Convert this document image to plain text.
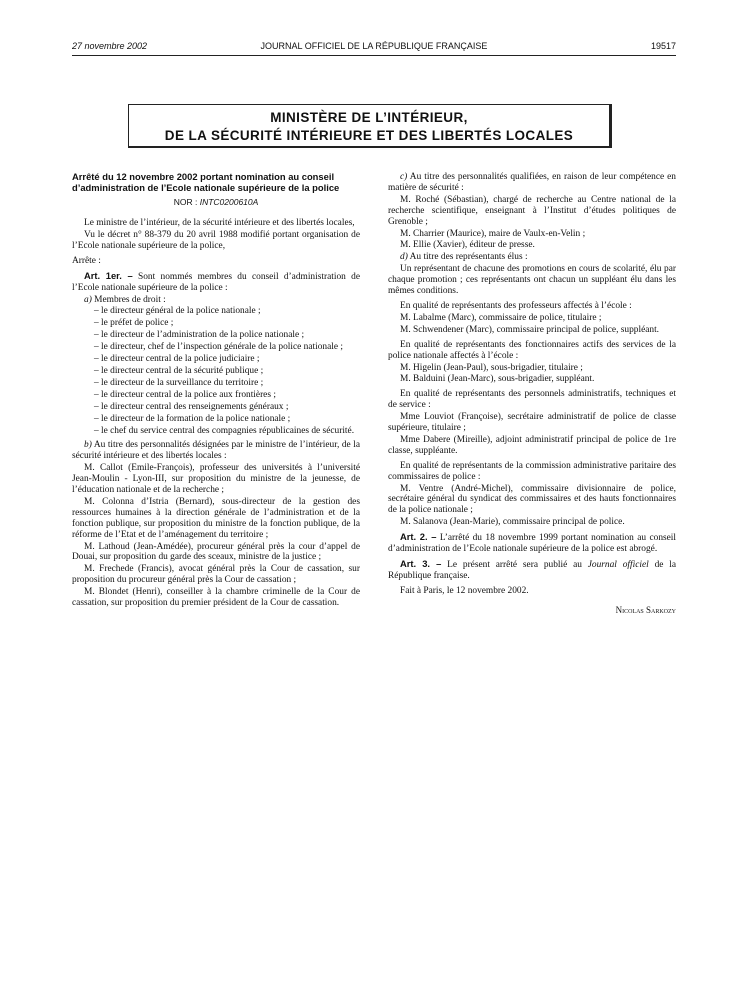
27 novembre 2002	JOURNAL OFFICIEL DE LA RÉPUBLIQUE FRANÇAISE	19517
MINISTÈRE DE L’INTÉRIEUR,
DE LA SÉCURITÉ INTÉRIEURE ET DES LIBERTÉS LOCALES
Arrêté du 12 novembre 2002 portant nomination au conseil d’administration de l’Ecole nationale supérieure de la police
NOR : INTC0200610A

Le ministre de l’intérieur, de la sécurité intérieure et des libertés locales,

Vu le décret n° 88-379 du 20 avril 1988 modifié portant organisation de l’Ecole nationale supérieure de la police,

Arrête :

Art. 1er. – Sont nommés membres du conseil d’administration de l’Ecole nationale supérieure de la police :

a) Membres de droit :

– le directeur général de la police nationale ;

– le préfet de police ;

– le directeur de l’administration de la police nationale ;

– le directeur, chef de l’inspection générale de la police nationale ;

– le directeur central de la police judiciaire ;

– le directeur central de la sécurité publique ;

– le directeur de la surveillance du territoire ;

– le directeur central de la police aux frontières ;

– le directeur central des renseignements généraux ;

– le directeur de la formation de la police nationale ;

– le chef du service central des compagnies républicaines de sécurité.

b) Au titre des personnalités désignées par le ministre de l’intérieur, de la sécurité intérieure et des libertés locales :

M. Callot (Emile-François), professeur des universités à l’université Jean-Moulin - Lyon-III, sur proposition du ministre de la jeunesse, de l’éducation nationale et de la recherche ;

M. Colonna d’Istria (Bernard), sous-directeur de la gestion des ressources humaines à la direction générale de l’administration et de la fonction publique, sur proposition du ministre de la fonction publique, de la réforme de l’Etat et de l’aménagement du territoire ;

M. Lathoud (Jean-Amédée), procureur général près la cour d’appel de Douai, sur proposition du garde des sceaux, ministre de la justice ;

M. Frechede (Francis), avocat général près la Cour de cassation, sur proposition du procureur général près la Cour de cassation ;

M. Blondet (Henri), conseiller à la chambre criminelle de la Cour de cassation, sur proposition du premier président de la Cour de cassation.

c) Au titre des personnalités qualifiées, en raison de leur compétence en matière de sécurité :

M. Roché (Sébastian), chargé de recherche au Centre national de la recherche scientifique, enseignant à l’Institut d’études politiques de Grenoble ;

M. Charrier (Maurice), maire de Vaulx-en-Velin ;

M. Ellie (Xavier), éditeur de presse.

d) Au titre des représentants élus :

Un représentant de chacune des promotions en cours de scolarité, élu par chaque promotion ; ces représentants ont chacun un suppléant élu dans les mêmes conditions.

En qualité de représentants des professeurs affectés à l’école :

M. Labalme (Marc), commissaire de police, titulaire ;

M. Schwendener (Marc), commissaire principal de police, suppléant.

En qualité de représentants des fonctionnaires actifs des services de la police nationale affectés à l’école :

M. Higelin (Jean-Paul), sous-brigadier, titulaire ;

M. Balduini (Jean-Marc), sous-brigadier, suppléant.

En qualité de représentants des personnels administratifs, techniques et de service :

Mme Louviot (Françoise), secrétaire administratif de police de classe supérieure, titulaire ;

Mme Dabere (Mireille), adjoint administratif principal de police de 1re classe, suppléante.

En qualité de représentants de la commission administrative paritaire des commissaires de police :

M. Ventre (André-Michel), commissaire divisionnaire de police, secrétaire général du syndicat des commissaires et des hauts fonctionnaires de la police nationale ;

M. Salanova (Jean-Marie), commissaire principal de police.

Art. 2. – L’arrêté du 18 novembre 1999 portant nomination au conseil d’administration de l’Ecole nationale supérieure de la police est abrogé.

Art. 3. – Le présent arrêté sera publié au Journal officiel de la République française.

Fait à Paris, le 12 novembre 2002.

Nicolas Sarkozy
